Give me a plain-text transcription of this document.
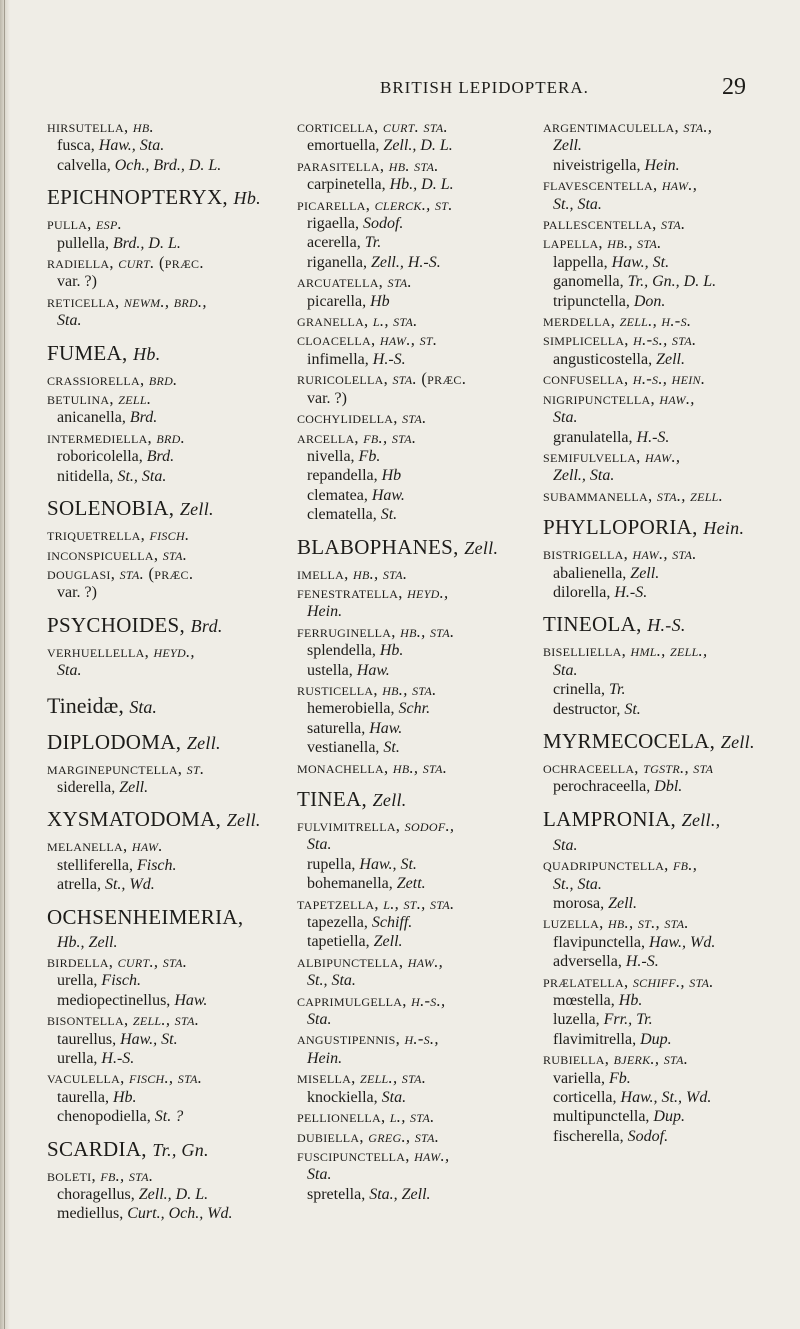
BRITISH LEPIDOPTERA.	29
hirsutella, hb.
fusca, Haw., Sta.
calvella, Och., Brd., D. L.
EPICHNOPTERYX, Hb.
pulla, esp.
pullella, Brd., D. L.
radiella, curt. (præc.
var. ?)
reticella, newm., brd.,
Sta.
FUMEA, Hb.
crassiorella, brd.
betulina, zell.
anicanella, Brd.
intermediella, brd.
roboricolella, Brd.
nitidella, St., Sta.
SOLENOBIA, Zell.
triquetrella, fisch.
inconspicuella, sta.
douglasi, sta. (præc.
var. ?)
PSYCHOIDES, Brd.
verhuellella, heyd.,
Sta.
Tineidæ, Sta.
DIPLODOMA, Zell.
marginepunctella, st.
siderella, Zell.
XYSMATODOMA, Zell.
melanella, haw.
stelliferella, Fisch.
atrella, St., Wd.
OCHSENHEIMERIA,
Hb., Zell.
birdella, curt., sta.
urella, Fisch.
mediopectinellus, Haw.
bisontella, zell., sta.
taurellus, Haw., St.
urella, H.-S.
vaculella, fisch., sta.
taurella, Hb.
chenopodiella, St. ?
SCARDIA, Tr., Gn.
boleti, fb., sta.
choragellus, Zell., D. L.
mediellus, Curt., Och., Wd.
corticella, curt. sta.
emortuella, Zell., D. L.
parasitella, hb. sta.
carpinetella, Hb., D. L.
picarella, clerck., st.
rigaella, Sodof.
acerella, Tr.
riganella, Zell., H.-S.
arcuatella, sta.
picarella, Hb
granella, l., sta.
cloacella, haw., st.
infimella, H.-S.
ruricolella, sta. (præc.
var. ?)
cochylidella, sta.
arcella, fb., sta.
nivella, Fb.
repandella, Hb
clematea, Haw.
clematella, St.
BLABOPHANES, Zell.
imella, hb., sta.
fenestratella, heyd.,
Hein.
ferruginella, hb., sta.
splendella, Hb.
ustella, Haw.
rusticella, hb., sta.
hemerobiella, Schr.
saturella, Haw.
vestianella, St.
monachella, hb., sta.
TINEA, Zell.
fulvimitrella, sodof.,
Sta.
rupella, Haw., St.
bohemanella, Zett.
tapetzella, l., st., sta.
tapezella, Schiff.
tapetiella, Zell.
albipunctella, haw.,
St., Sta.
caprimulgella, h.-s.,
Sta.
angustipennis, h.-s.,
Hein.
misella, zell., sta.
knockiella, Sta.
pellionella, l., sta.
dubiella, greg., sta.
fuscipunctella, haw.,
Sta.
spretella, Sta., Zell.
argentimaculella, sta.,
Zell.
niveistrigella, Hein.
flavescentella, haw.,
St., Sta.
pallescentella, sta.
lapella, hb., sta.
lappella, Haw., St.
ganomella, Tr., Gn., D. L.
tripunctella, Don.
merdella, zell., h.-s.
simplicella, h.-s., sta.
angusticostella, Zell.
confusella, h.-s., hein.
nigripunctella, haw.,
Sta.
granulatella, H.-S.
semifulvella, haw.,
Zell., Sta.
subammanella, sta., zell.
PHYLLOPORIA, Hein.
bistrigella, haw., sta.
abalienella, Zell.
dilorella, H.-S.
TINEOLA, H.-S.
biselliella, hml., zell.,
Sta.
crinella, Tr.
destructor, St.
MYRMECOCELA, Zell.
ochraceella, tgstr., sta
perochraceella, Dbl.
LAMPRONIA, Zell.,
Sta.
quadripunctella, fb.,
St., Sta.
morosa, Zell.
luzella, hb., st., sta.
flavipunctella, Haw., Wd.
adversella, H.-S.
prælatella, schiff., sta.
mœstella, Hb.
luzella, Frr., Tr.
flavimitrella, Dup.
rubiella, bjerk., sta.
variella, Fb.
corticella, Haw., St., Wd.
multipunctella, Dup.
fischerella, Sodof.
